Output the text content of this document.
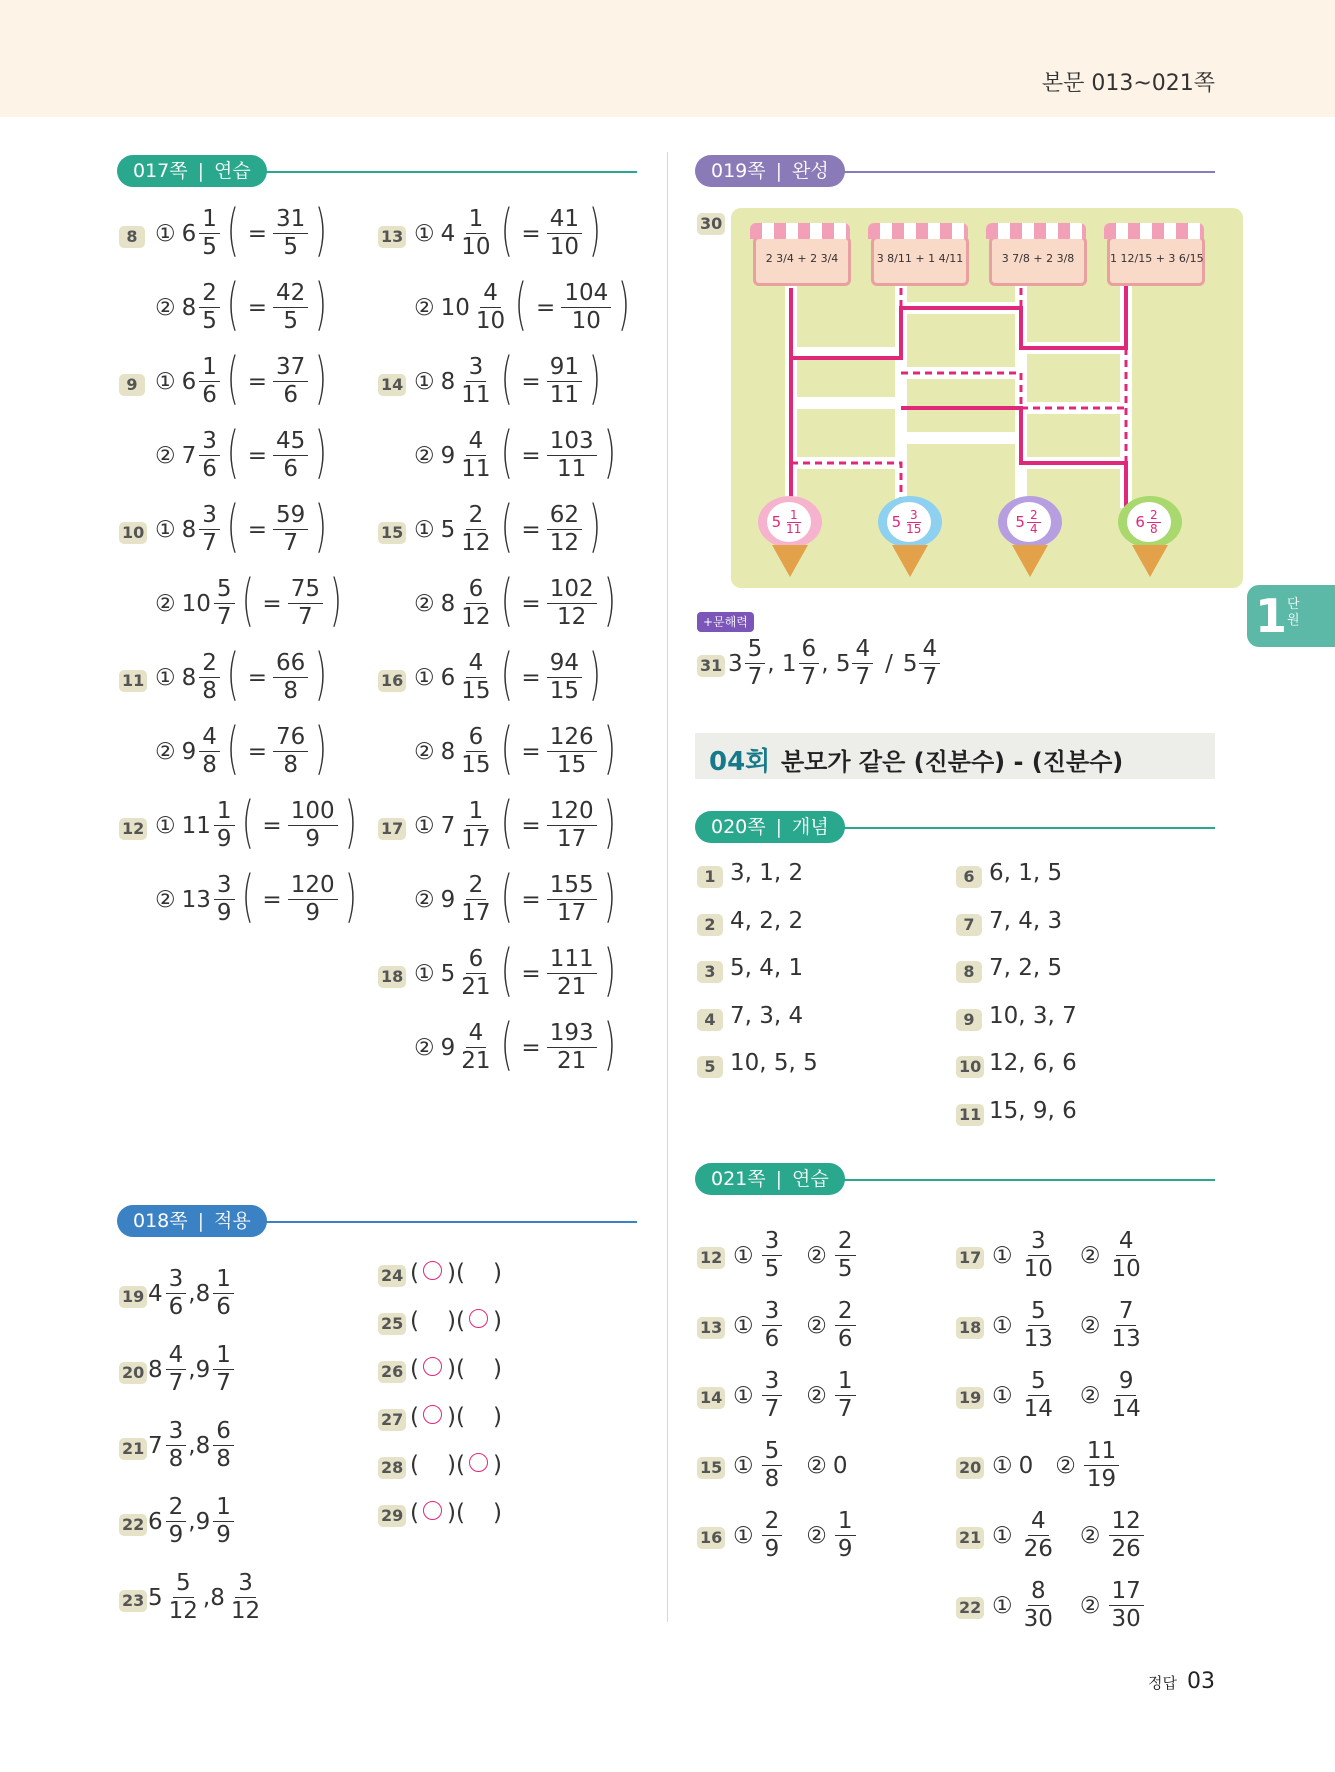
본문 013~021쪽
017쪽 | 연습
018쪽 | 적용
019쪽 | 완성
020쪽 | 개념
021쪽 | 연습
8 ① $6 \frac{1}{5}$ ( = $\frac{31}{5}$ )
② $8 \frac{2}{5}$ ( = $\frac{42}{5}$ )
9 ① $6 \frac{1}{6}$ ( = $\frac{37}{6}$ )
② $7 \frac{3}{6}$ ( = $\frac{45}{6}$ )
10 ① $8 \frac{3}{7}$ ( = $\frac{59}{7}$ )
② $10 \frac{5}{7}$ ( = $\frac{75}{7}$ )
11 ① $8 \frac{2}{8}$ ( = $\frac{66}{8}$ )
② $9 \frac{4}{8}$ ( = $\frac{76}{8}$ )
12 ① $11 \frac{1}{9}$ ( = $\frac{100}{9}$ )
② $13 \frac{3}{9}$ ( = $\frac{120}{9}$ )
13 ① $4 \frac{1}{10}$ ( = $\frac{41}{10}$ )
② $10 \frac{4}{10}$ ( = $\frac{104}{10}$ )
14 ① $8 \frac{3}{11}$ ( = $\frac{91}{11}$ )
② $9 \frac{4}{11}$ ( = $\frac{103}{11}$ )
15 ① $5 \frac{2}{12}$ ( = $\frac{62}{12}$ )
② $8 \frac{6}{12}$ ( = $\frac{102}{12}$ )
16 ① $6 \frac{4}{15}$ ( = $\frac{94}{15}$ )
② $8 \frac{6}{15}$ ( = $\frac{126}{15}$ )
17 ① $7 \frac{1}{17}$ ( = $\frac{120}{17}$ )
② $9 \frac{2}{17}$ ( = $\frac{155}{17}$ )
18 ① $5 \frac{6}{21}$ ( = $\frac{111}{21}$ )
② $9 \frac{4}{21}$ ( = $\frac{193}{21}$ )
19 $4 \frac{3}{6}$ , $8 \frac{1}{6}$
20 $8 \frac{4}{7}$ , $9 \frac{1}{7}$
21 $7 \frac{3}{8}$ , $8 \frac{6}{8}$
22 $6 \frac{2}{9}$ , $9 \frac{1}{9}$
23 $5 \frac{5}{12}$ , $8 \frac{3}{12}$
24 ( ) ( )
25 ( ) ( )
26 ( ) ( )
27 ( ) ( )
28 ( ) ( )
29 ( ) ( )
1 3, 1, 2
2 4, 2, 2
3 5, 4, 1
4 7, 3, 4
5 10, 5, 5
6 6, 1, 5
7 7, 4, 3
8 7, 2, 5
9 10, 3, 7
10 12, 6, 6
11 15, 9, 6
12 ① $\frac{3}{5}$ ② $\frac{2}{5}$
13 ① $\frac{3}{6}$ ② $\frac{2}{6}$
14 ① $\frac{3}{7}$ ② $\frac{1}{7}$
15 ① $\frac{5}{8}$ ② 0
16 ① $\frac{2}{9}$ ② $\frac{1}{9}$
17 ① $\frac{3}{10}$ ② $\frac{4}{10}$
18 ① $\frac{5}{13}$ ② $\frac{7}{13}$
19 ① $\frac{5}{14}$ ② $\frac{9}{14}$
20 ① 0 ② $\frac{11}{19}$
21 ① $\frac{4}{26}$ ② $\frac{12}{26}$
22 ① $\frac{8}{30}$ ② $\frac{17}{30}$
30
2 3/4 + 2 3/4	3 8/11 + 1 4/11	3 7/8 + 2 3/8	1 12/15 + 3 6/15
$5 \frac{1}{11}$	$5 \frac{3}{15}$	$5 \frac{2}{4}$	$6 \frac{2}{8}$
+문해력
31 $3 \frac{5}{7}$ , $1 \frac{6}{7}$ , $5 \frac{4}{7} / 5 \frac{4}{7}$
04회 분모가 같은 (진분수) - (진분수)
1 단원
정답 03
